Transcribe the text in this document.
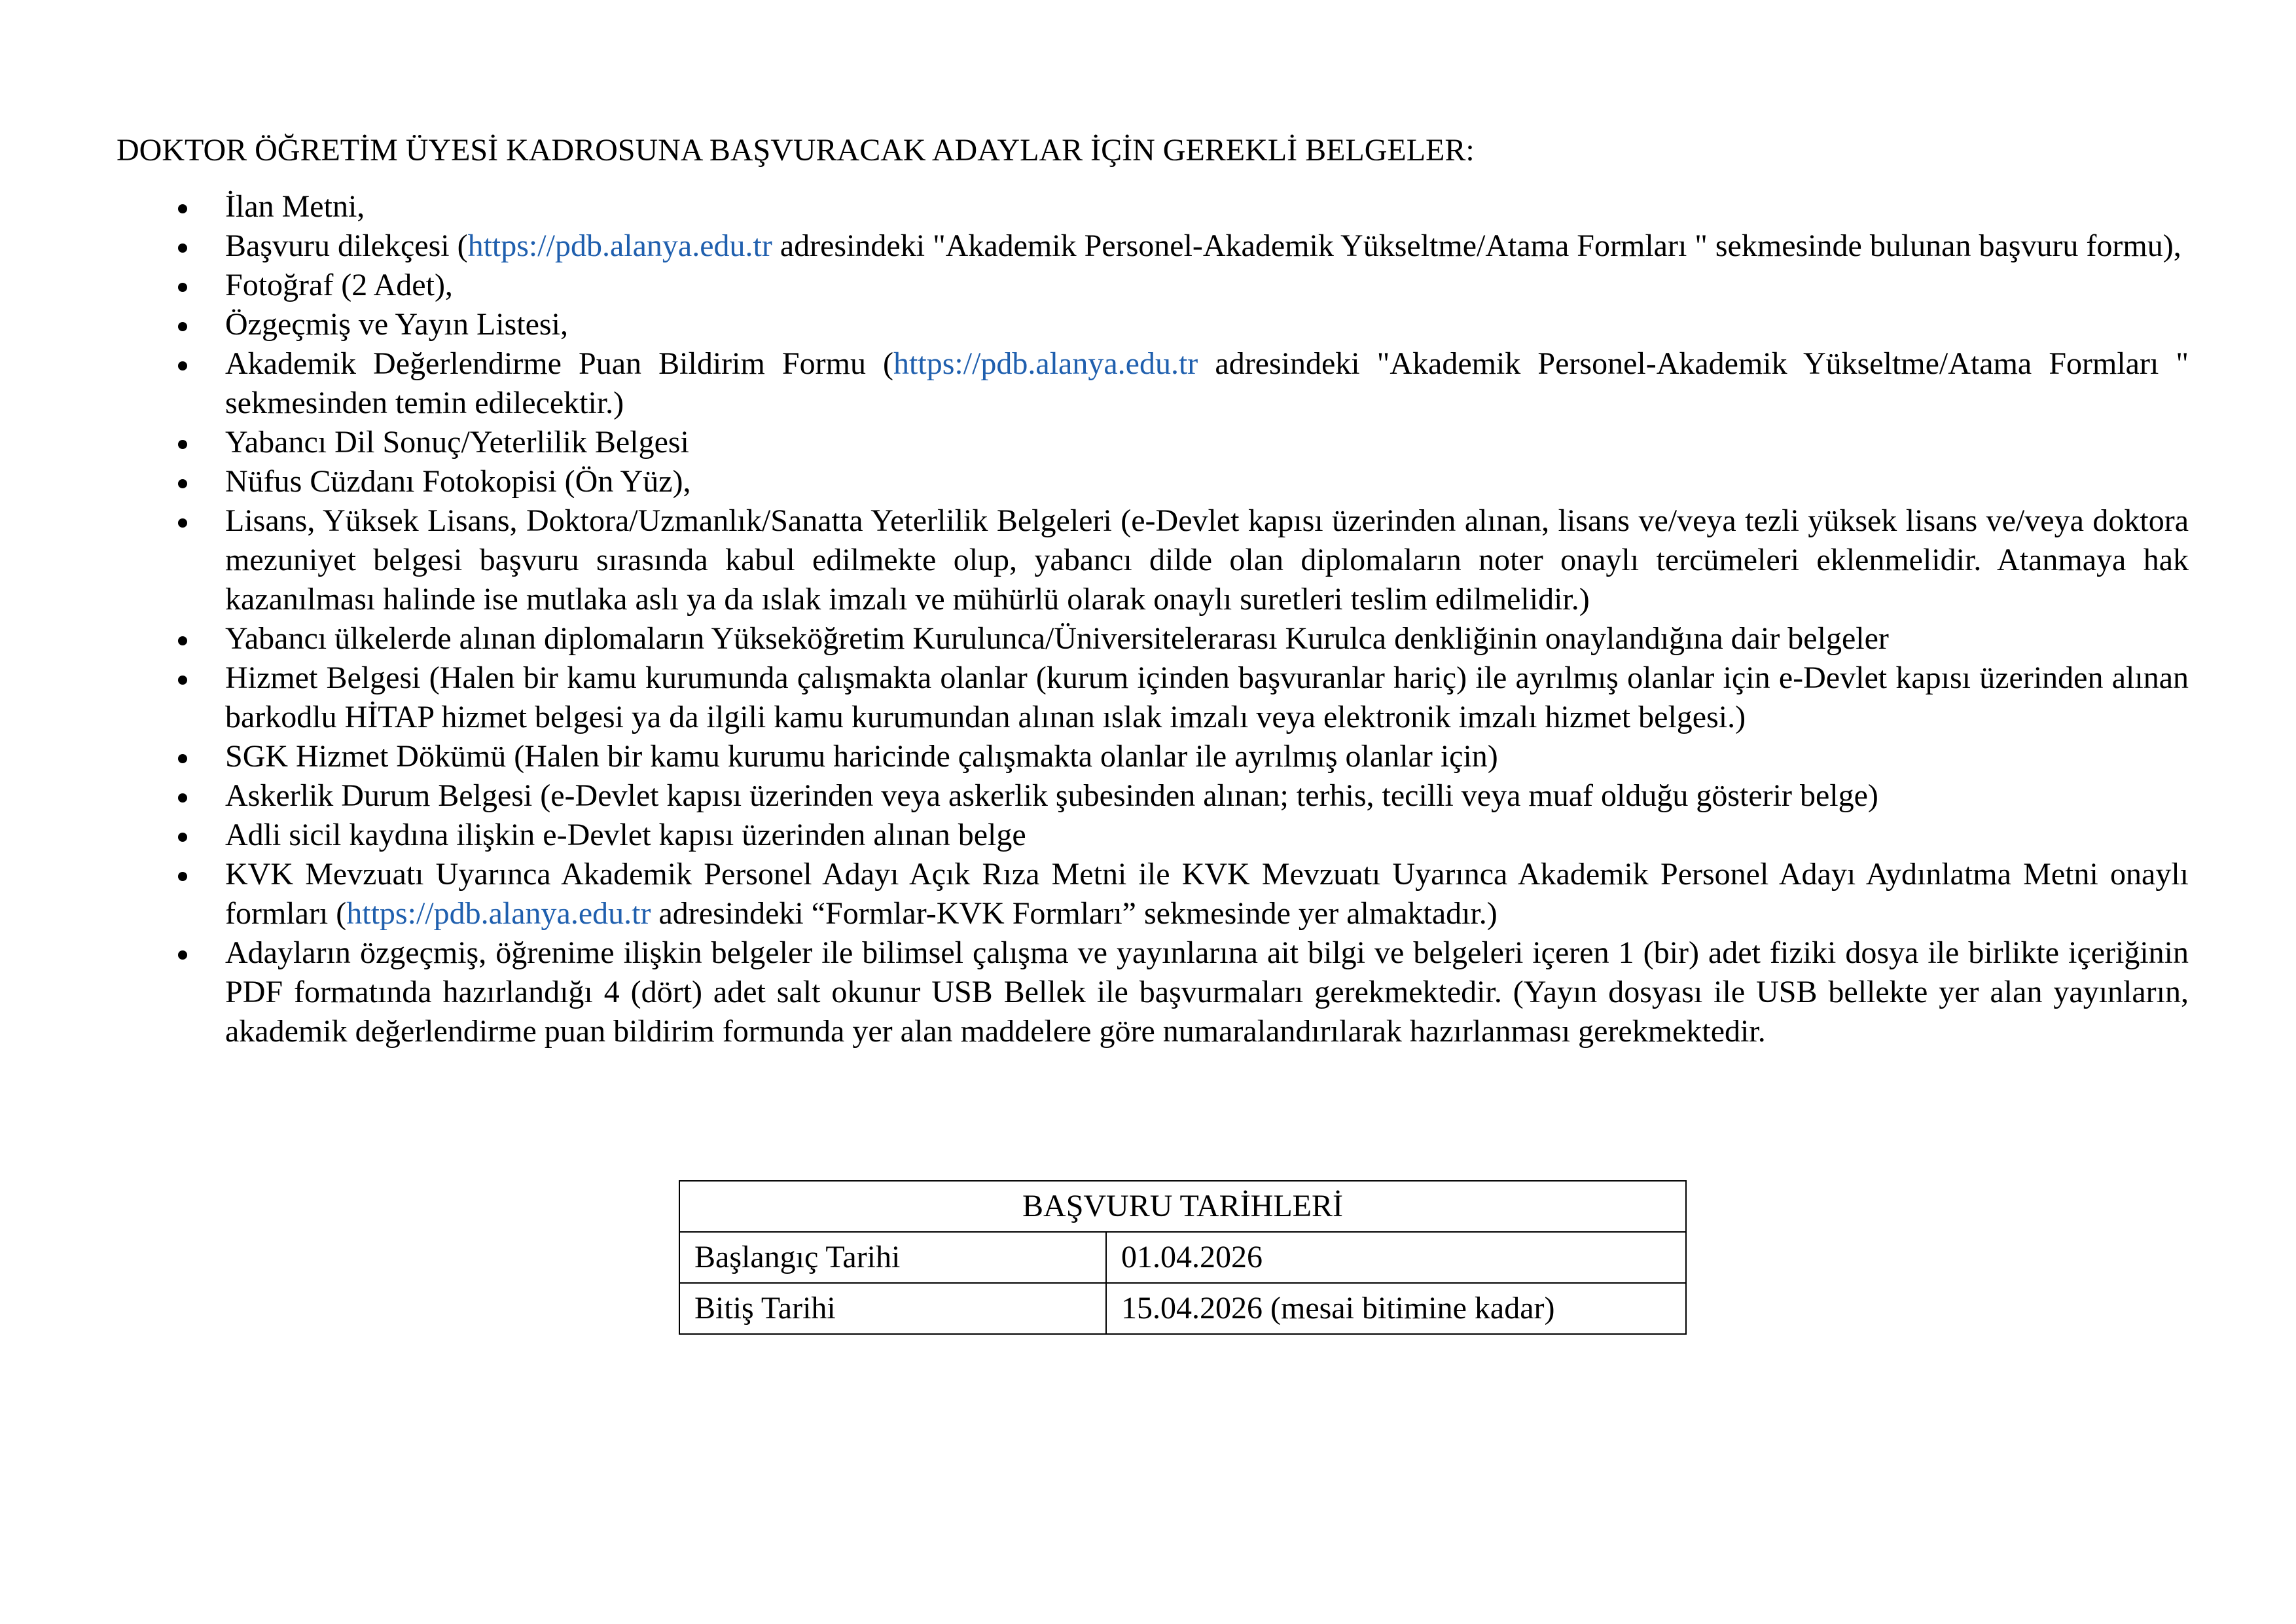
DOKTOR ÖĞRETİM ÜYESİ KADROSUNA BAŞVURACAK ADAYLAR İÇİN GEREKLİ BELGELER:
İlan Metni,
Başvuru dilekçesi (https://pdb.alanya.edu.tr adresindeki "Akademik Personel-Akademik Yükseltme/Atama Formları " sekmesinde bulunan başvuru formu),
Fotoğraf (2 Adet),
Özgeçmiş ve Yayın Listesi,
Akademik Değerlendirme Puan Bildirim Formu (https://pdb.alanya.edu.tr adresindeki "Akademik Personel-Akademik Yükseltme/Atama Formları " sekmesinden temin edilecektir.)
Yabancı Dil Sonuç/Yeterlilik Belgesi
Nüfus Cüzdanı Fotokopisi (Ön Yüz),
Lisans, Yüksek Lisans, Doktora/Uzmanlık/Sanatta Yeterlilik Belgeleri (e-Devlet kapısı üzerinden alınan, lisans ve/veya tezli yüksek lisans ve/veya doktora mezuniyet belgesi başvuru sırasında kabul edilmekte olup, yabancı dilde olan diplomaların noter onaylı tercümeleri eklenmelidir. Atanmaya hak kazanılması halinde ise mutlaka aslı ya da ıslak imzalı ve mühürlü olarak onaylı suretleri teslim edilmelidir.)
Yabancı ülkelerde alınan diplomaların Yükseköğretim Kurulunca/Üniversitelerarası Kurulca denkliğinin onaylandığına dair belgeler
Hizmet Belgesi (Halen bir kamu kurumunda çalışmakta olanlar (kurum içinden başvuranlar hariç) ile ayrılmış olanlar için e-Devlet kapısı üzerinden alınan barkodlu HİTAP hizmet belgesi ya da ilgili kamu kurumundan alınan ıslak imzalı veya elektronik imzalı hizmet belgesi.)
SGK Hizmet Dökümü (Halen bir kamu kurumu haricinde çalışmakta olanlar ile ayrılmış olanlar için)
Askerlik Durum Belgesi (e-Devlet kapısı üzerinden veya askerlik şubesinden alınan; terhis, tecilli veya muaf olduğu gösterir belge)
Adli sicil kaydına ilişkin e-Devlet kapısı üzerinden alınan belge
KVK Mevzuatı Uyarınca Akademik Personel Adayı Açık Rıza Metni ile KVK Mevzuatı Uyarınca Akademik Personel Adayı Aydınlatma Metni onaylı formları (https://pdb.alanya.edu.tr adresindeki “Formlar-KVK Formları” sekmesinde yer almaktadır.)
Adayların özgeçmiş, öğrenime ilişkin belgeler ile bilimsel çalışma ve yayınlarına ait bilgi ve belgeleri içeren 1 (bir) adet fiziki dosya ile birlikte içeriğinin PDF formatında hazırlandığı 4 (dört) adet salt okunur USB Bellek ile başvurmaları gerekmektedir. (Yayın dosyası ile USB bellekte yer alan yayınların, akademik değerlendirme puan bildirim formunda yer alan maddelere göre numaralandırılarak hazırlanması gerekmektedir.
BAŞVURU TARİHLERİ	
Başlangıç Tarihi	01.04.2026
Bitiş Tarihi	15.04.2026 (mesai bitimine kadar)
